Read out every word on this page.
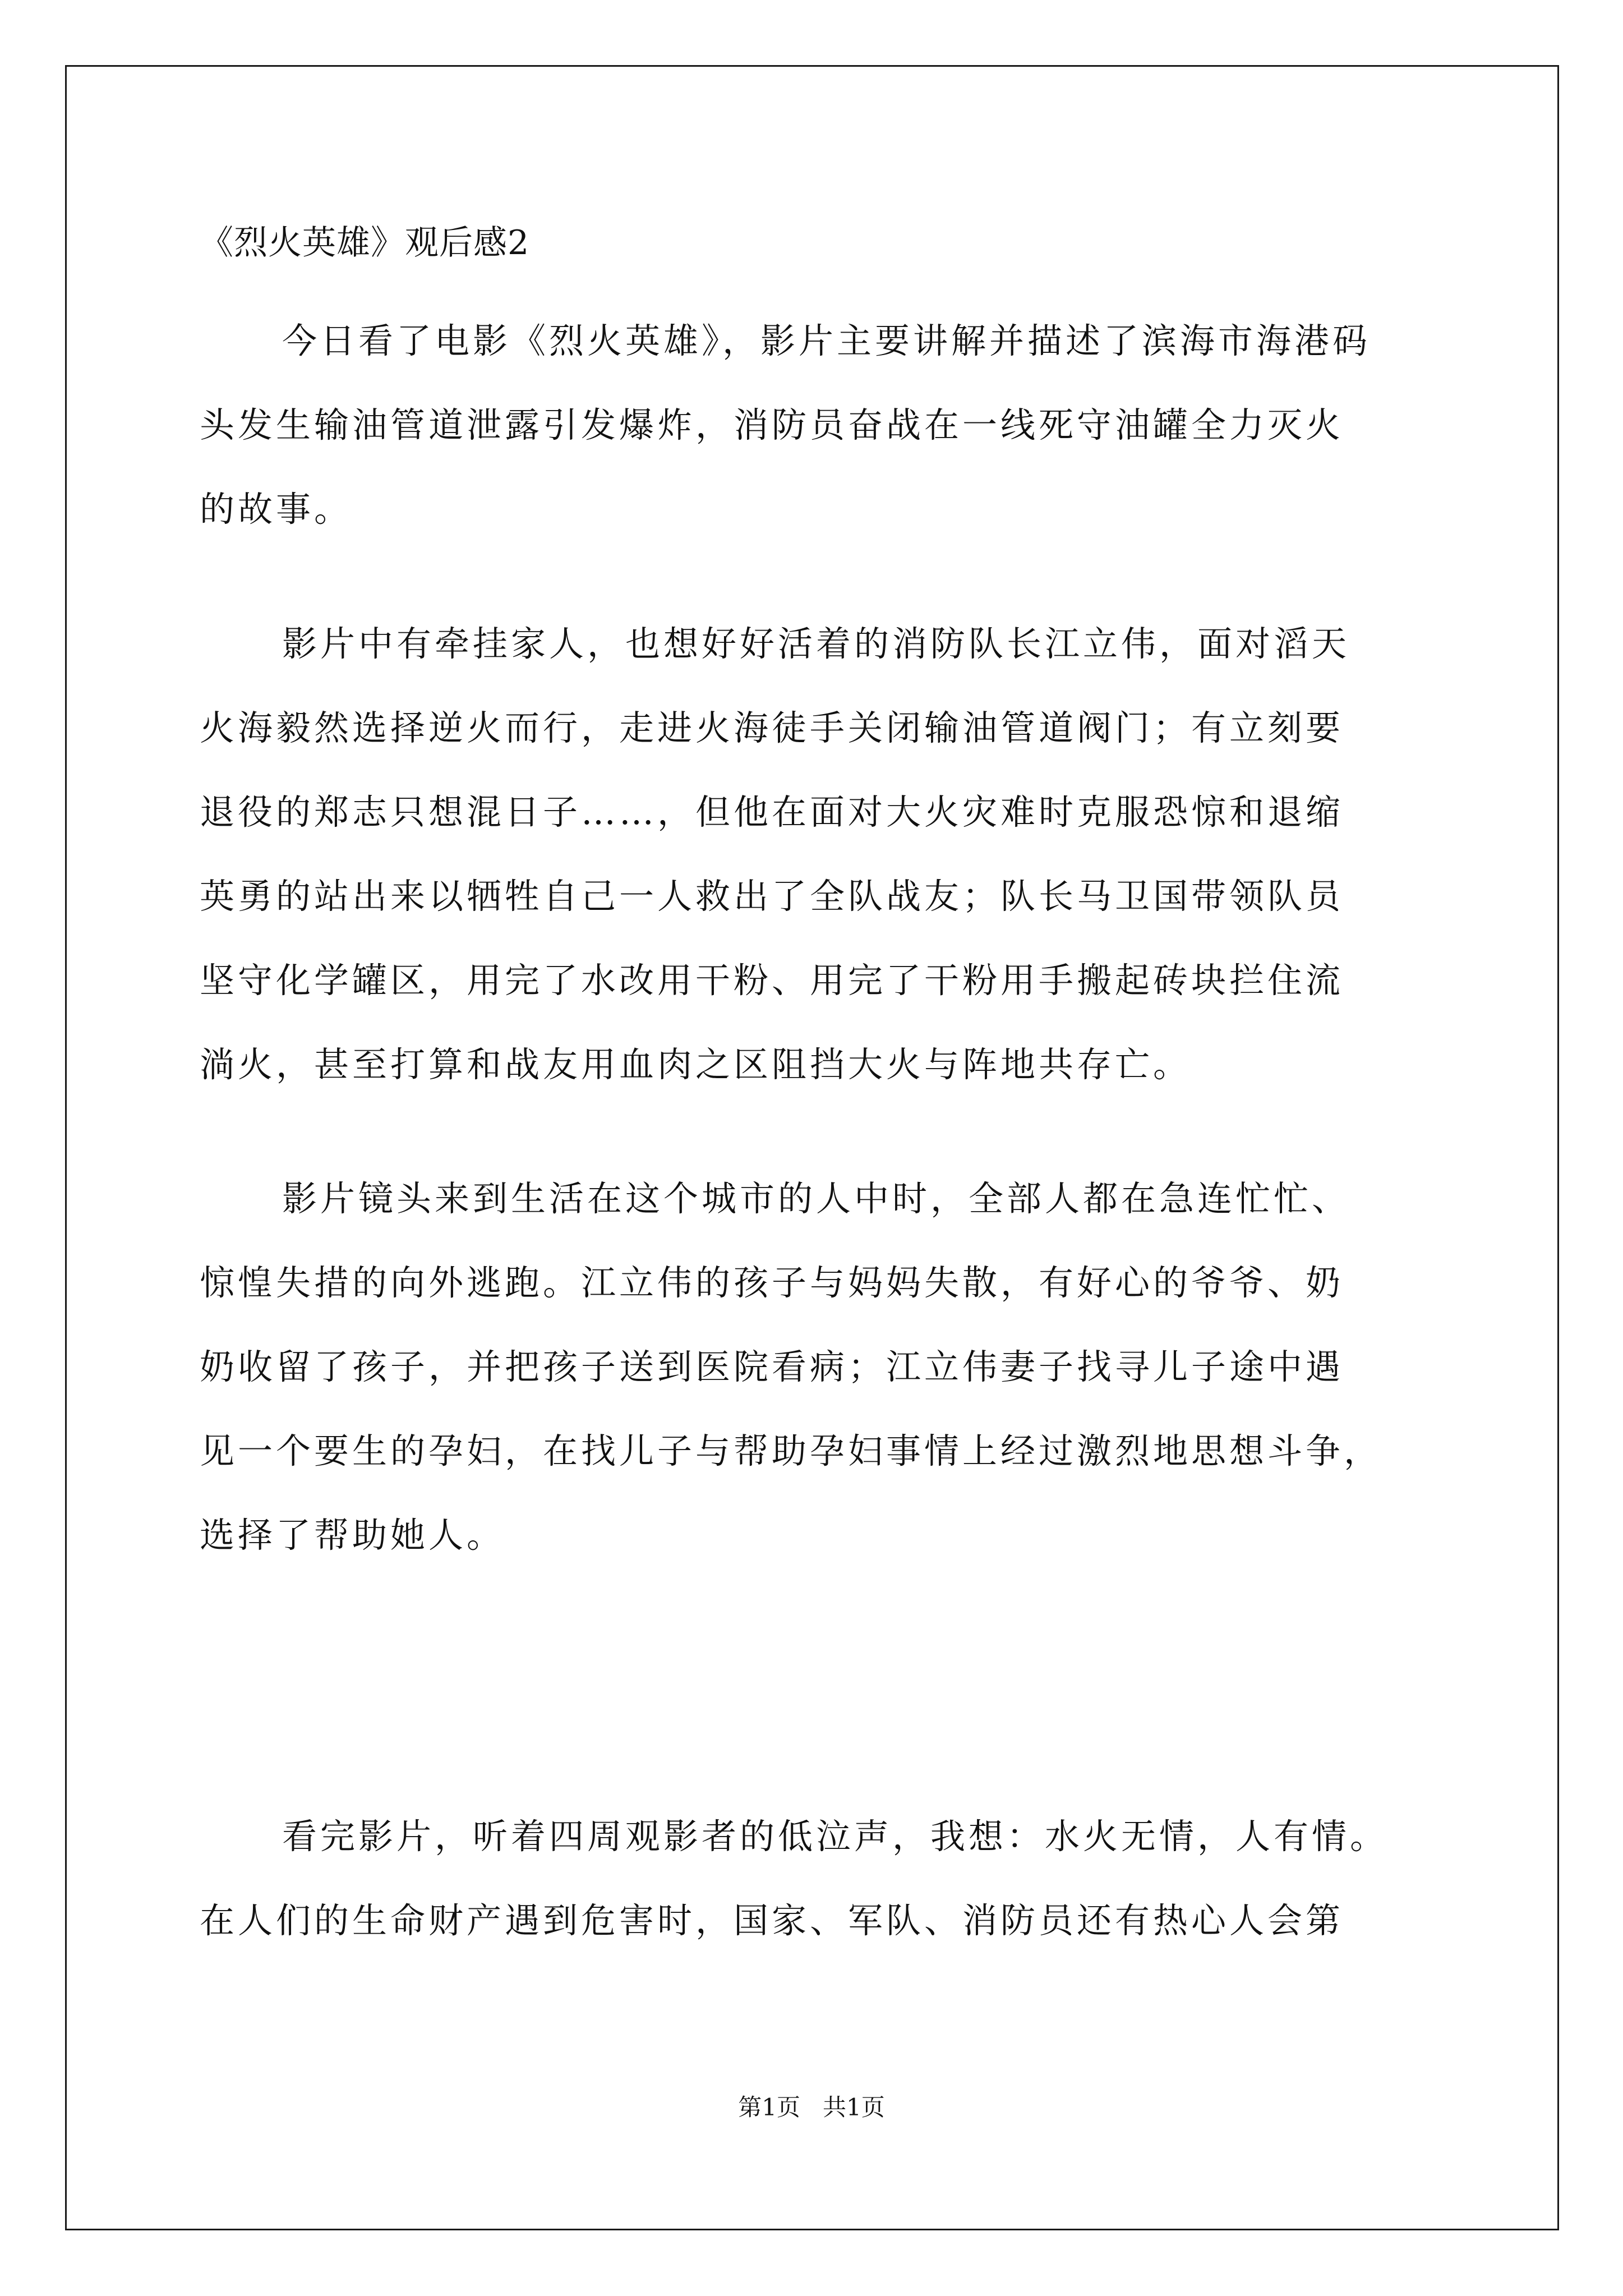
《烈火英雄》观后感2
今日看了电影《烈火英雄》，影片主要讲解并描述了滨海市海港码
头发生输油管道泄露引发爆炸，消防员奋战在一线死守油罐全力灭火
的故事。
影片中有牵挂家人，也想好好活着的消防队长江立伟，面对滔天
火海毅然选择逆火而行，走进火海徒手关闭输油管道阀门；有立刻要
退役的郑志只想混日子……，但他在面对大火灾难时克服恐惊和退缩
英勇的站出来以牺牲自己一人救出了全队战友；队长马卫国带领队员
坚守化学罐区，用完了水改用干粉、用完了干粉用手搬起砖块拦住流
淌火，甚至打算和战友用血肉之区阻挡大火与阵地共存亡。
影片镜头来到生活在这个城市的人中时，全部人都在急连忙忙、
惊惶失措的向外逃跑。江立伟的孩子与妈妈失散，有好心的爷爷、奶
奶收留了孩子，并把孩子送到医院看病；江立伟妻子找寻儿子途中遇
见一个要生的孕妇，在找儿子与帮助孕妇事情上经过激烈地思想斗争，
选择了帮助她人。
看完影片，听着四周观影者的低泣声，我想：水火无情，人有情。
在人们的生命财产遇到危害时，国家、军队、消防员还有热心人会第
第1页   共1页
